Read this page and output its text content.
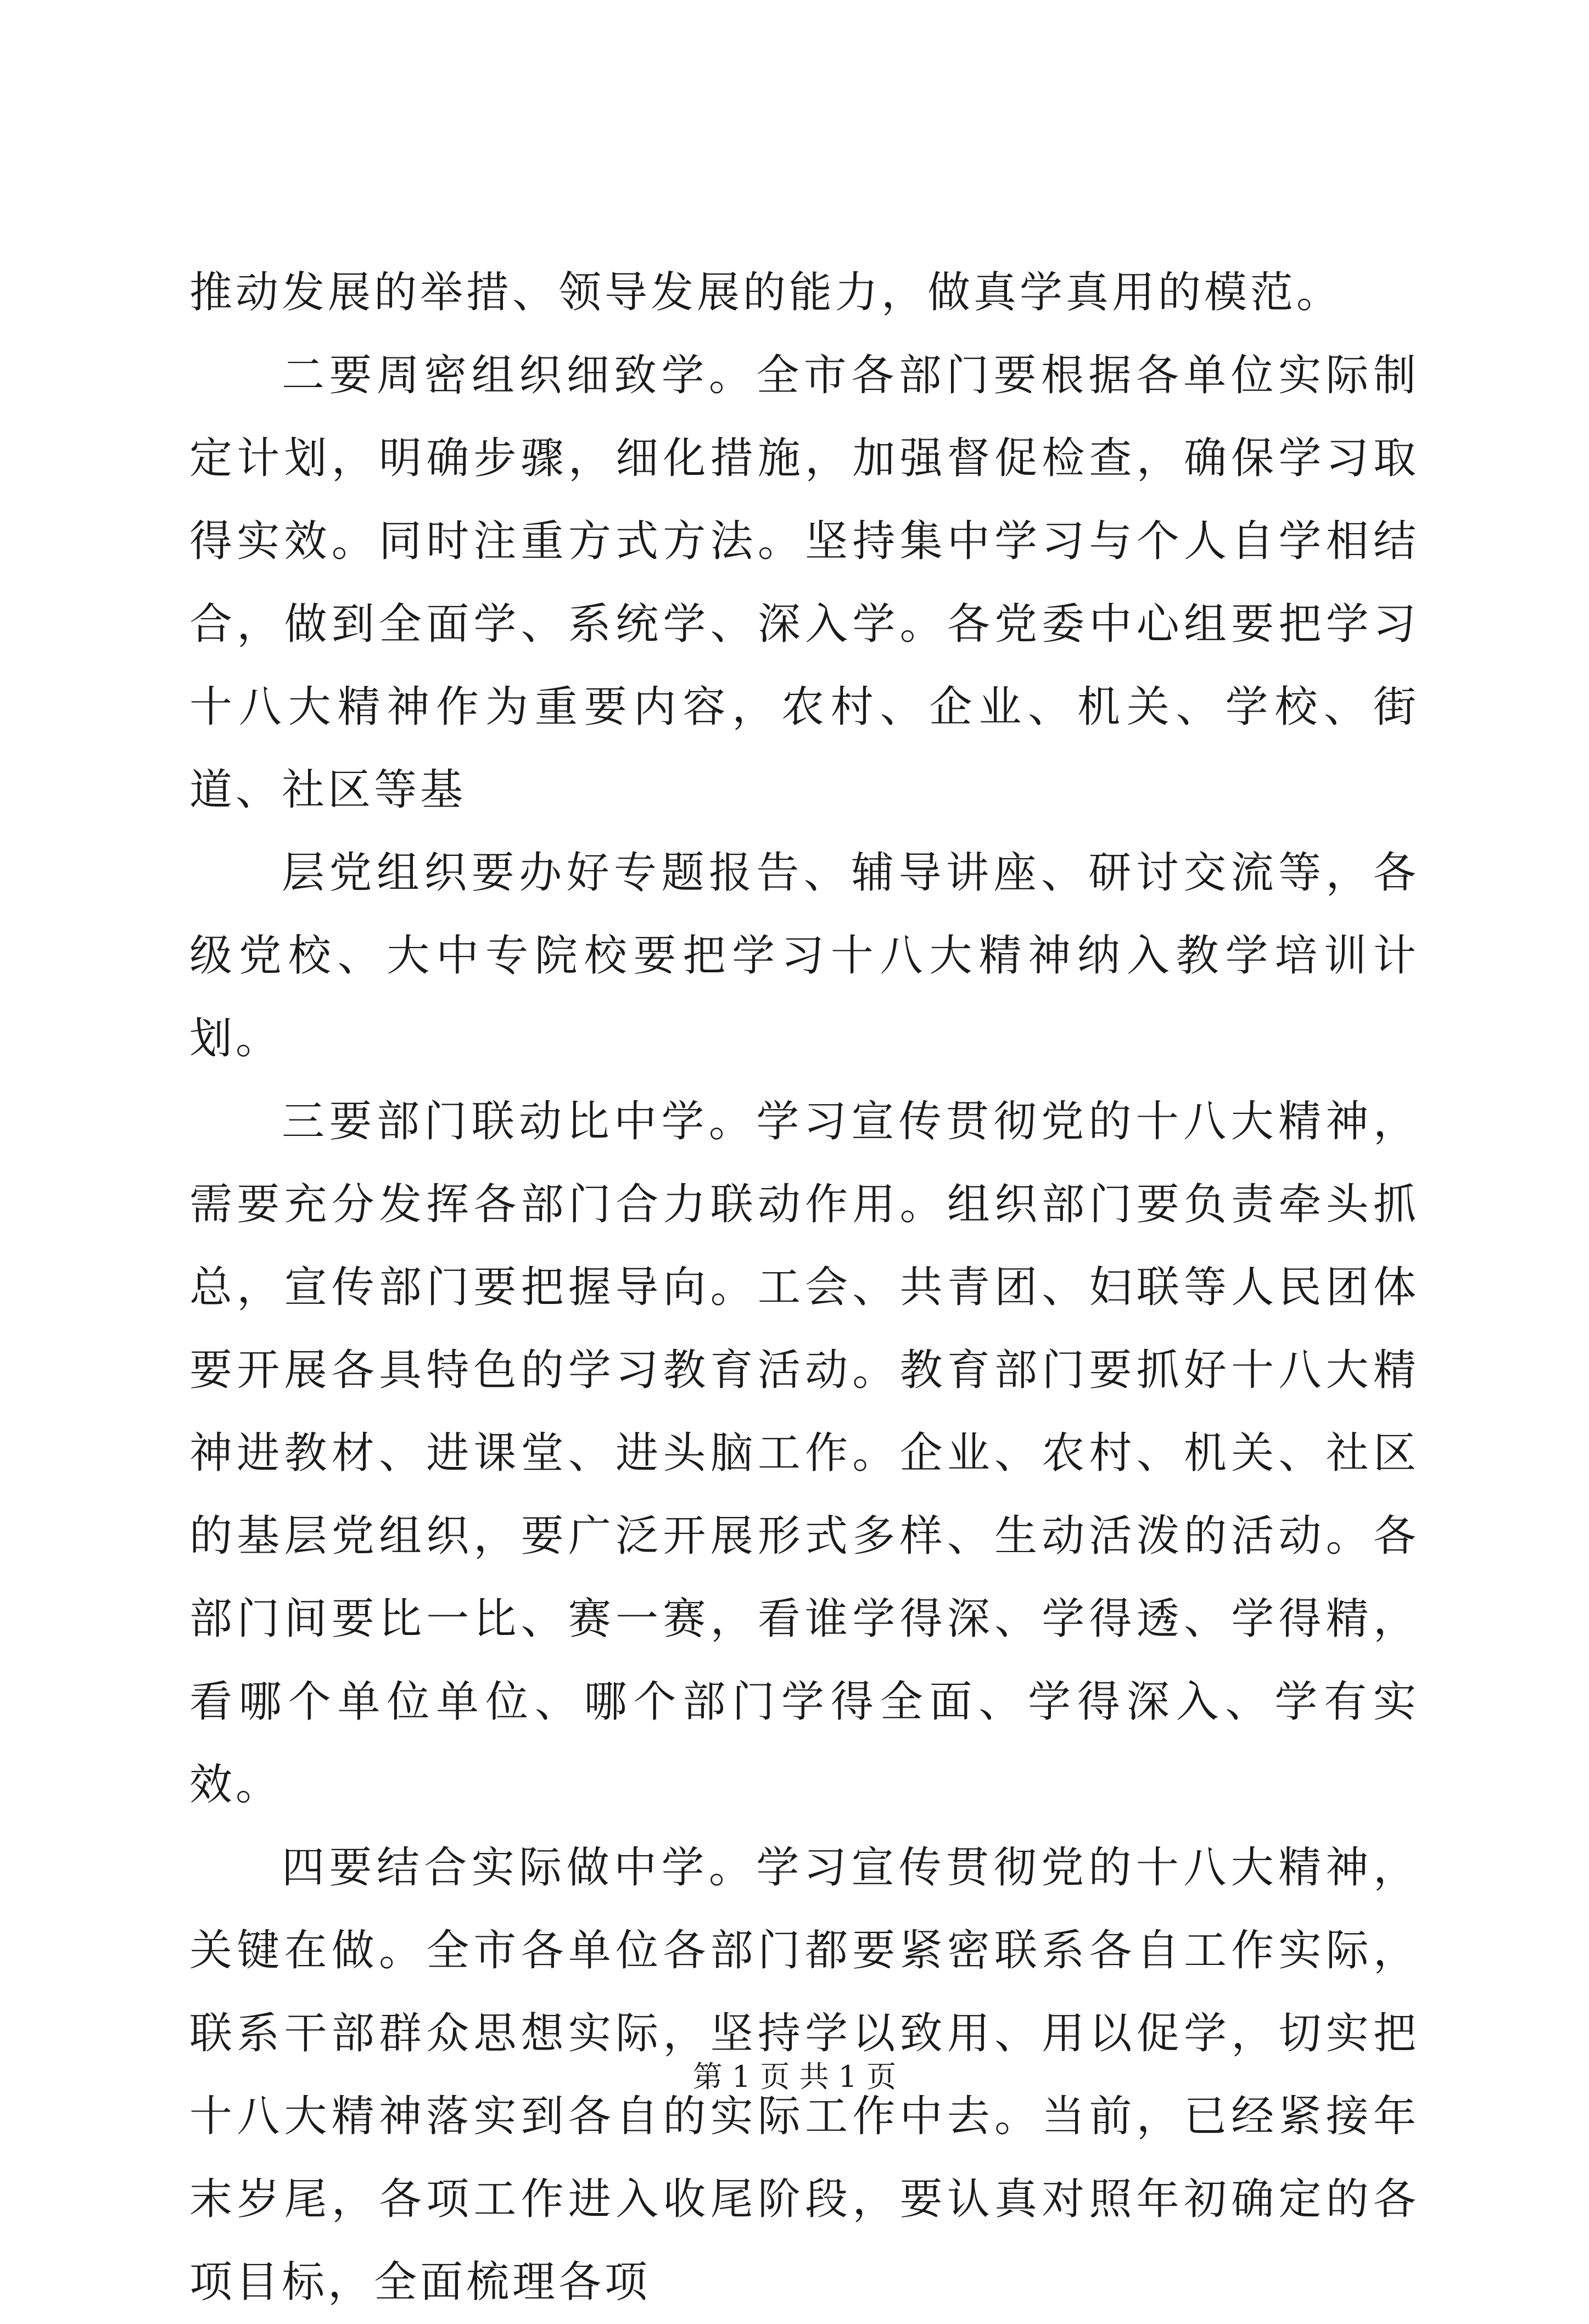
推动发展的举措、领导发展的能力，做真学真用的模范。

二要周密组织细致学。全市各部门要根据各单位实际制定计划，明确步骤，细化措施，加强督促检查，确保学习取得实效。同时注重方式方法。坚持集中学习与个人自学相结合，做到全面学、系统学、深入学。各党委中心组要把学习十八大精神作为重要内容，农村、企业、机关、学校、街道、社区等基

层党组织要办好专题报告、辅导讲座、研讨交流等，各级党校、大中专院校要把学习十八大精神纳入教学培训计划。

三要部门联动比中学。学习宣传贯彻党的十八大精神，需要充分发挥各部门合力联动作用。组织部门要负责牵头抓总，宣传部门要把握导向。工会、共青团、妇联等人民团体要开展各具特色的学习教育活动。教育部门要抓好十八大精神进教材、进课堂、进头脑工作。企业、农村、机关、社区的基层党组织，要广泛开展形式多样、生动活泼的活动。各部门间要比一比、赛一赛，看谁学得深、学得透、学得精，看哪个单位单位、哪个部门学得全面、学得深入、学有实效。

四要结合实际做中学。学习宣传贯彻党的十八大精神，关键在做。全市各单位各部门都要紧密联系各自工作实际，联系干部群众思想实际，坚持学以致用、用以促学，切实把十八大精神落实到各自的实际工作中去。当前，已经紧接年末岁尾，各项工作进入收尾阶段，要认真对照年初确定的各项目标，全面梳理各项

第 1 页 共 1 页
